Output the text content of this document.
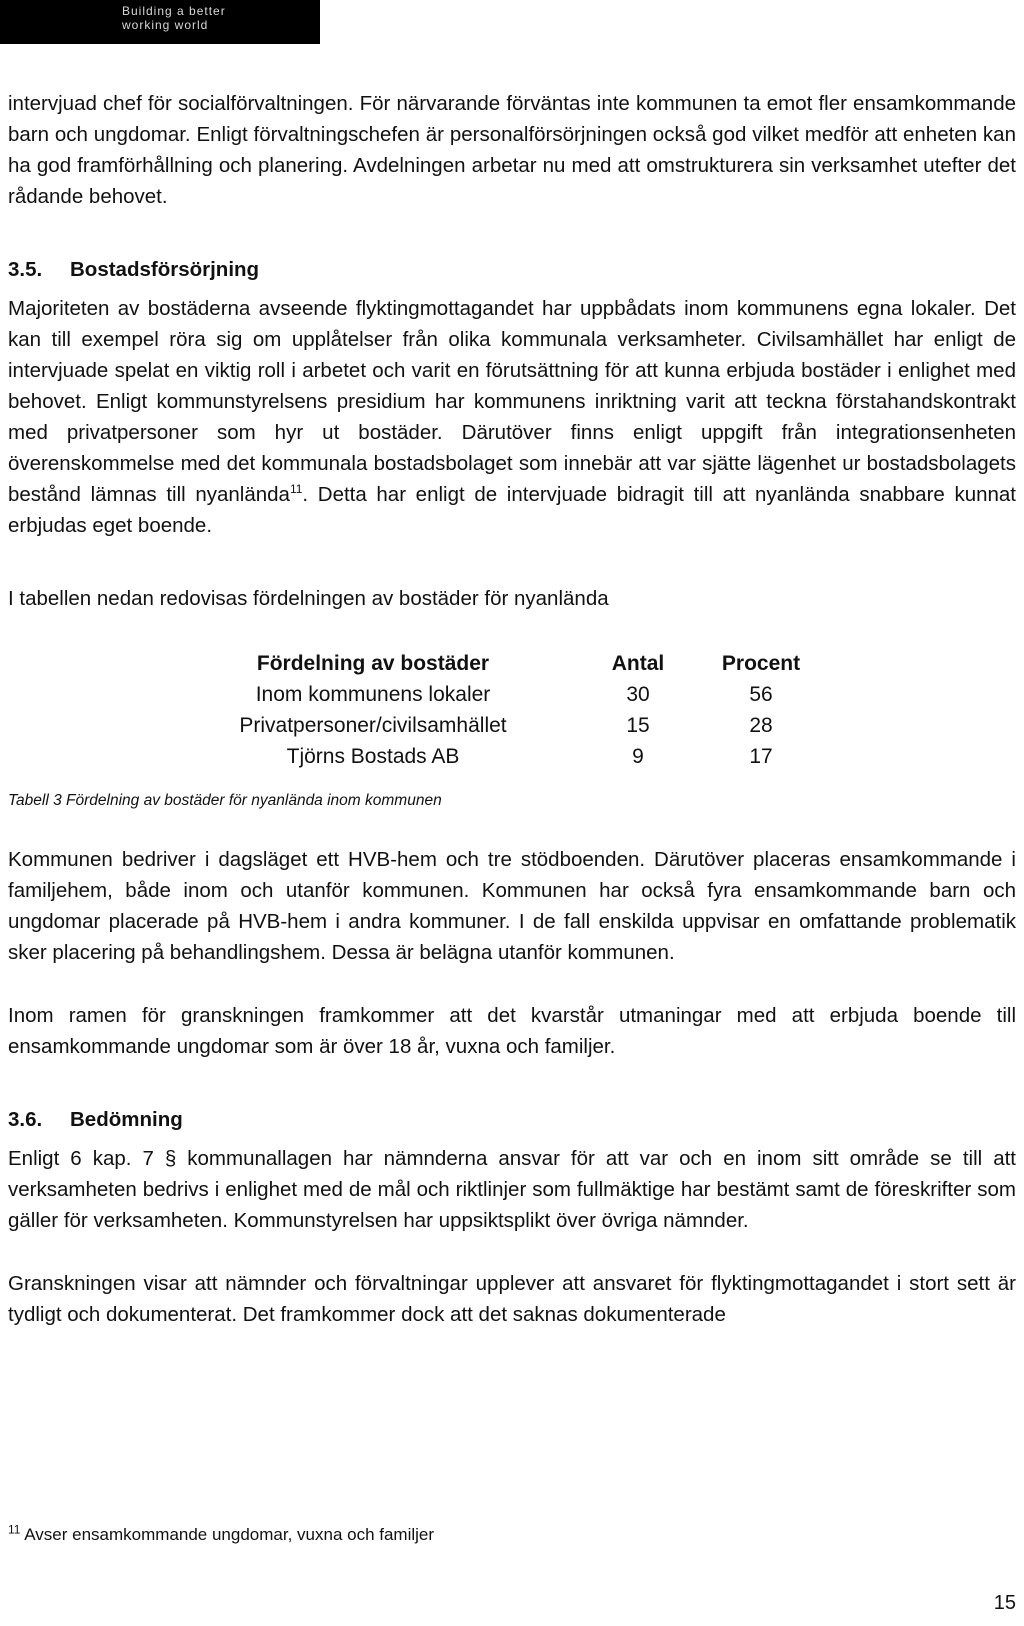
Building a better
working world

intervjuad chef för socialförvaltningen. För närvarande förväntas inte kommunen ta emot fler ensamkommande barn och ungdomar. Enligt förvaltningschefen är personalförsörjningen också god vilket medför att enheten kan ha god framförhållning och planering. Avdelningen arbetar nu med att omstrukturera sin verksamhet utefter det rådande behovet.

3.5. Bostadsförsörjning

Majoriteten av bostäderna avseende flyktingmottagandet har uppbådats inom kommunens egna lokaler. Det kan till exempel röra sig om upplåtelser från olika kommunala verksamheter. Civilsamhället har enligt de intervjuade spelat en viktig roll i arbetet och varit en förutsättning för att kunna erbjuda bostäder i enlighet med behovet. Enligt kommunstyrelsens presidium har kommunens inriktning varit att teckna förstahandskontrakt med privatpersoner som hyr ut bostäder. Därutöver finns enligt uppgift från integrationsenheten överenskommelse med det kommunala bostadsbolaget som innebär att var sjätte lägenhet ur bostadsbolagets bestånd lämnas till nyanlända$^{11}$. Detta har enligt de intervjuade bidragit till att nyanlända snabbare kunnat erbjudas eget boende.

I tabellen nedan redovisas fördelningen av bostäder för nyanlända

Fördelning av bostäder	Antal	Procent
Inom kommunens lokaler	30	56
Privatpersoner/civilsamhället	15	28
Tjörns Bostads AB	9	17

Tabell 3 Fördelning av bostäder för nyanlända inom kommunen

Kommunen bedriver i dagsläget ett HVB-hem och tre stödboenden. Därutöver placeras ensamkommande i familjehem, både inom och utanför kommunen. Kommunen har också fyra ensamkommande barn och ungdomar placerade på HVB-hem i andra kommuner. I de fall enskilda uppvisar en omfattande problematik sker placering på behandlingshem. Dessa är belägna utanför kommunen.

Inom ramen för granskningen framkommer att det kvarstår utmaningar med att erbjuda boende till ensamkommande ungdomar som är över 18 år, vuxna och familjer.

3.6. Bedömning

Enligt 6 kap. 7 § kommunallagen har nämnderna ansvar för att var och en inom sitt område se till att verksamheten bedrivs i enlighet med de mål och riktlinjer som fullmäktige har bestämt samt de föreskrifter som gäller för verksamheten. Kommunstyrelsen har uppsiktsplikt över övriga nämnder.

Granskningen visar att nämnder och förvaltningar upplever att ansvaret för flyktingmottagandet i stort sett är tydligt och dokumenterat. Det framkommer dock att det saknas dokumenterade

$^{11}$ Avser ensamkommande ungdomar, vuxna och familjer
15
